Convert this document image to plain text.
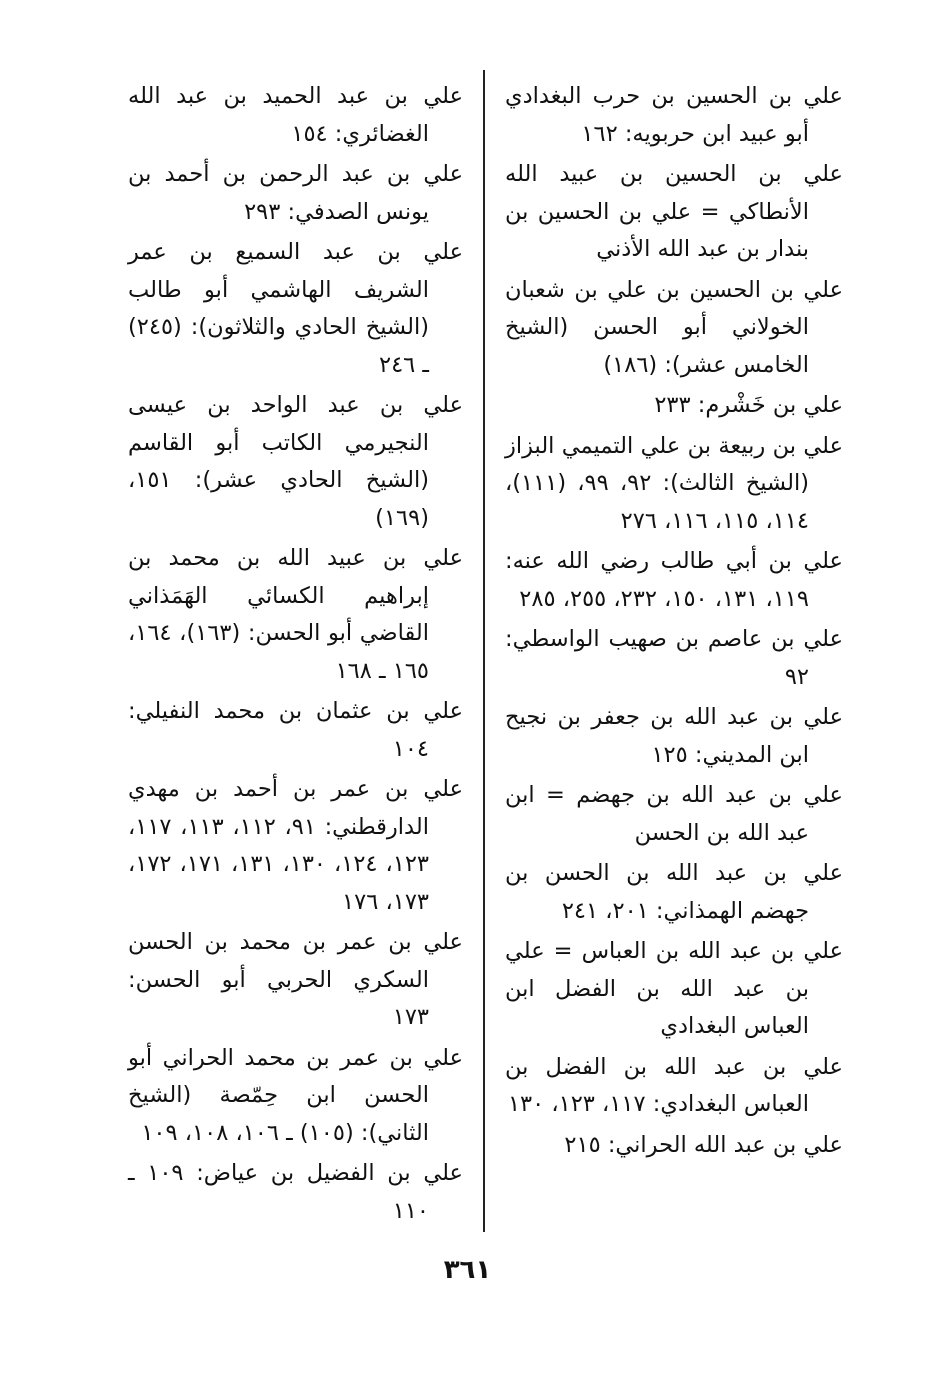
علي بن الحسين بن حرب البغدادي أبو عبيد ابن حربويه: ١٦٢

علي بن الحسين بن عبيد الله الأنطاكي = علي بن الحسين بن بندار بن عبد الله الأذني

علي بن الحسين بن علي بن شعبان الخولاني أبو الحسن (الشيخ الخامس عشر): (١٨٦)

علي بن خَشْرم: ٢٣٣

علي بن ربيعة بن علي التميمي البزاز (الشيخ الثالث): ٩٢، ٩٩، (١١١)، ١١٤، ١١٥، ١١٦، ٢٧٦

علي بن أبي طالب رضي الله عنه: ١١٩، ١٣١، ١٥٠، ٢٣٢، ٢٥٥، ٢٨٥

علي بن عاصم بن صهيب الواسطي: ٩٢

علي بن عبد الله بن جعفر بن نجيح ابن المديني: ١٢٥

علي بن عبد الله بن جهضم = ابن عبد الله بن الحسن

علي بن عبد الله بن الحسن بن جهضم الهمذاني: ٢٠١، ٢٤١

علي بن عبد الله بن العباس = علي بن عبد الله بن الفضل ابن العباس البغدادي

علي بن عبد الله بن الفضل بن العباس البغدادي: ١١٧، ١٢٣، ١٣٠

علي بن عبد الله الحراني: ٢١٥

علي بن عبد الحميد بن عبد الله الغضائري: ١٥٤

علي بن عبد الرحمن بن أحمد بن يونس الصدفي: ٢٩٣

علي بن عبد السميع بن عمر الشريف الهاشمي أبو طالب (الشيخ الحادي والثلاثون): (٢٤٥) ـ ٢٤٦

علي بن عبد الواحد بن عيسى النجيرمي الكاتب أبو القاسم (الشيخ الحادي عشر): ١٥١، (١٦٩)

علي بن عبيد الله بن محمد بن إبراهيم الكسائي الهَمَذاني القاضي أبو الحسن: (١٦٣)، ١٦٤، ١٦٥ ـ ١٦٨

علي بن عثمان بن محمد النفيلي: ١٠٤

علي بن عمر بن أحمد بن مهدي الدارقطني: ٩١، ١١٢، ١١٣، ١١٧، ١٢٣، ١٢٤، ١٣٠، ١٣١، ١٧١، ١٧٢، ١٧٣، ١٧٦

علي بن عمر بن محمد بن الحسن السكري الحربي أبو الحسن: ١٧٣

علي بن عمر بن محمد الحراني أبو الحسن ابن حِمّصة (الشيخ الثاني): (١٠٥) ـ ١٠٦، ١٠٨، ١٠٩

علي بن الفضيل بن عياض: ١٠٩ ـ ١١٠

٣٦١
